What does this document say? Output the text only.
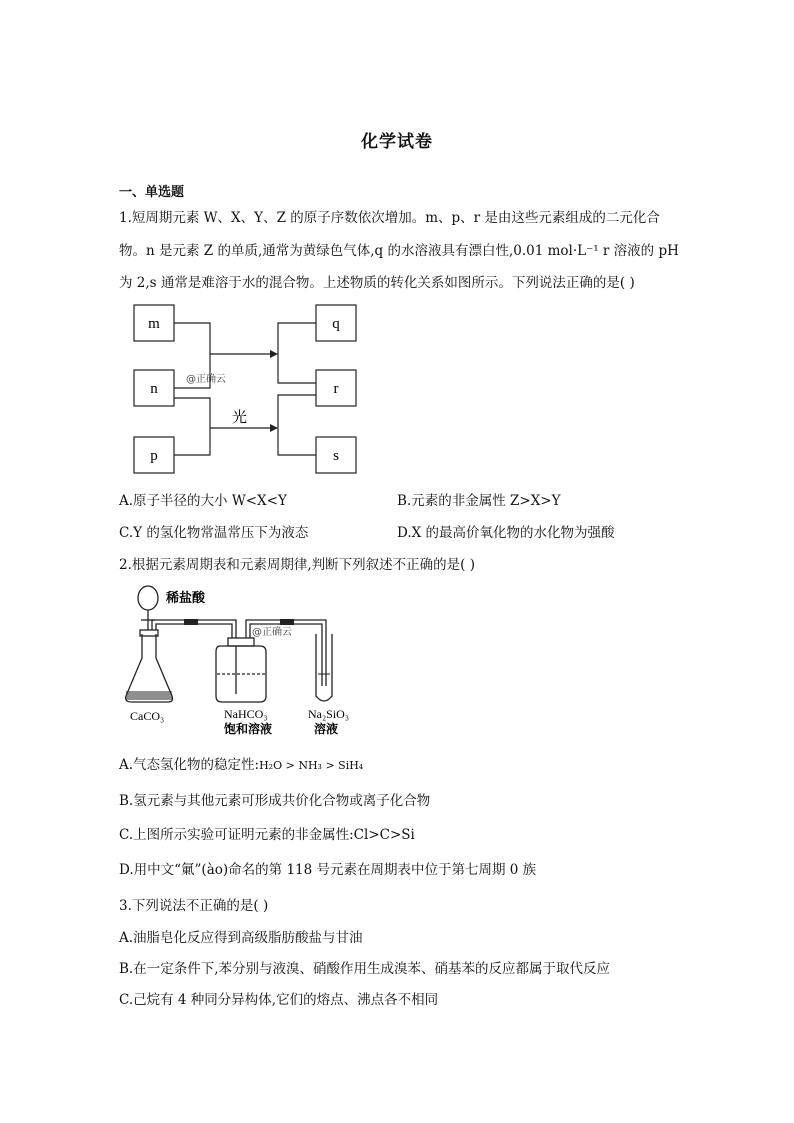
化学试卷
一、单选题
1.短周期元素 W、X、Y、Z 的原子序数依次增加。m、p、r 是由这些元素组成的二元化合
物。n 是元素 Z 的单质,通常为黄绿色气体,q 的水溶液具有漂白性,0.01 mol·L⁻¹ r 溶液的 pH
为 2,s 通常是难溶于水的混合物。上述物质的转化关系如图所示。下列说法正确的是( )
m
n
p
q
r
s
光
@正确云
A.原子半径的大小 W<X<Y	B.元素的非金属性 Z>X>Y
C.Y 的氢化物常温常压下为液态	D.X 的最高价氧化物的水化物为强酸
2.根据元素周期表和元素周期律,判断下列叙述不正确的是( )
稀盐酸
@正确云
CaCO₃	NaHCO₃
饱和溶液
Na₂SiO₃
溶液
A.气态氢化物的稳定性:H₂O > NH₃ > SiH₄
B.氢元素与其他元素可形成共价化合物或离子化合物
C.上图所示实验可证明元素的非金属性:Cl>C>Si
D.用中文“氭”(ào)命名的第 118 号元素在周期表中位于第七周期 0 族
3.下列说法不正确的是( )
A.油脂皂化反应得到高级脂肪酸盐与甘油
B.在一定条件下,苯分别与液溴、硝酸作用生成溴苯、硝基苯的反应都属于取代反应
C.己烷有 4 种同分异构体,它们的熔点、沸点各不相同
